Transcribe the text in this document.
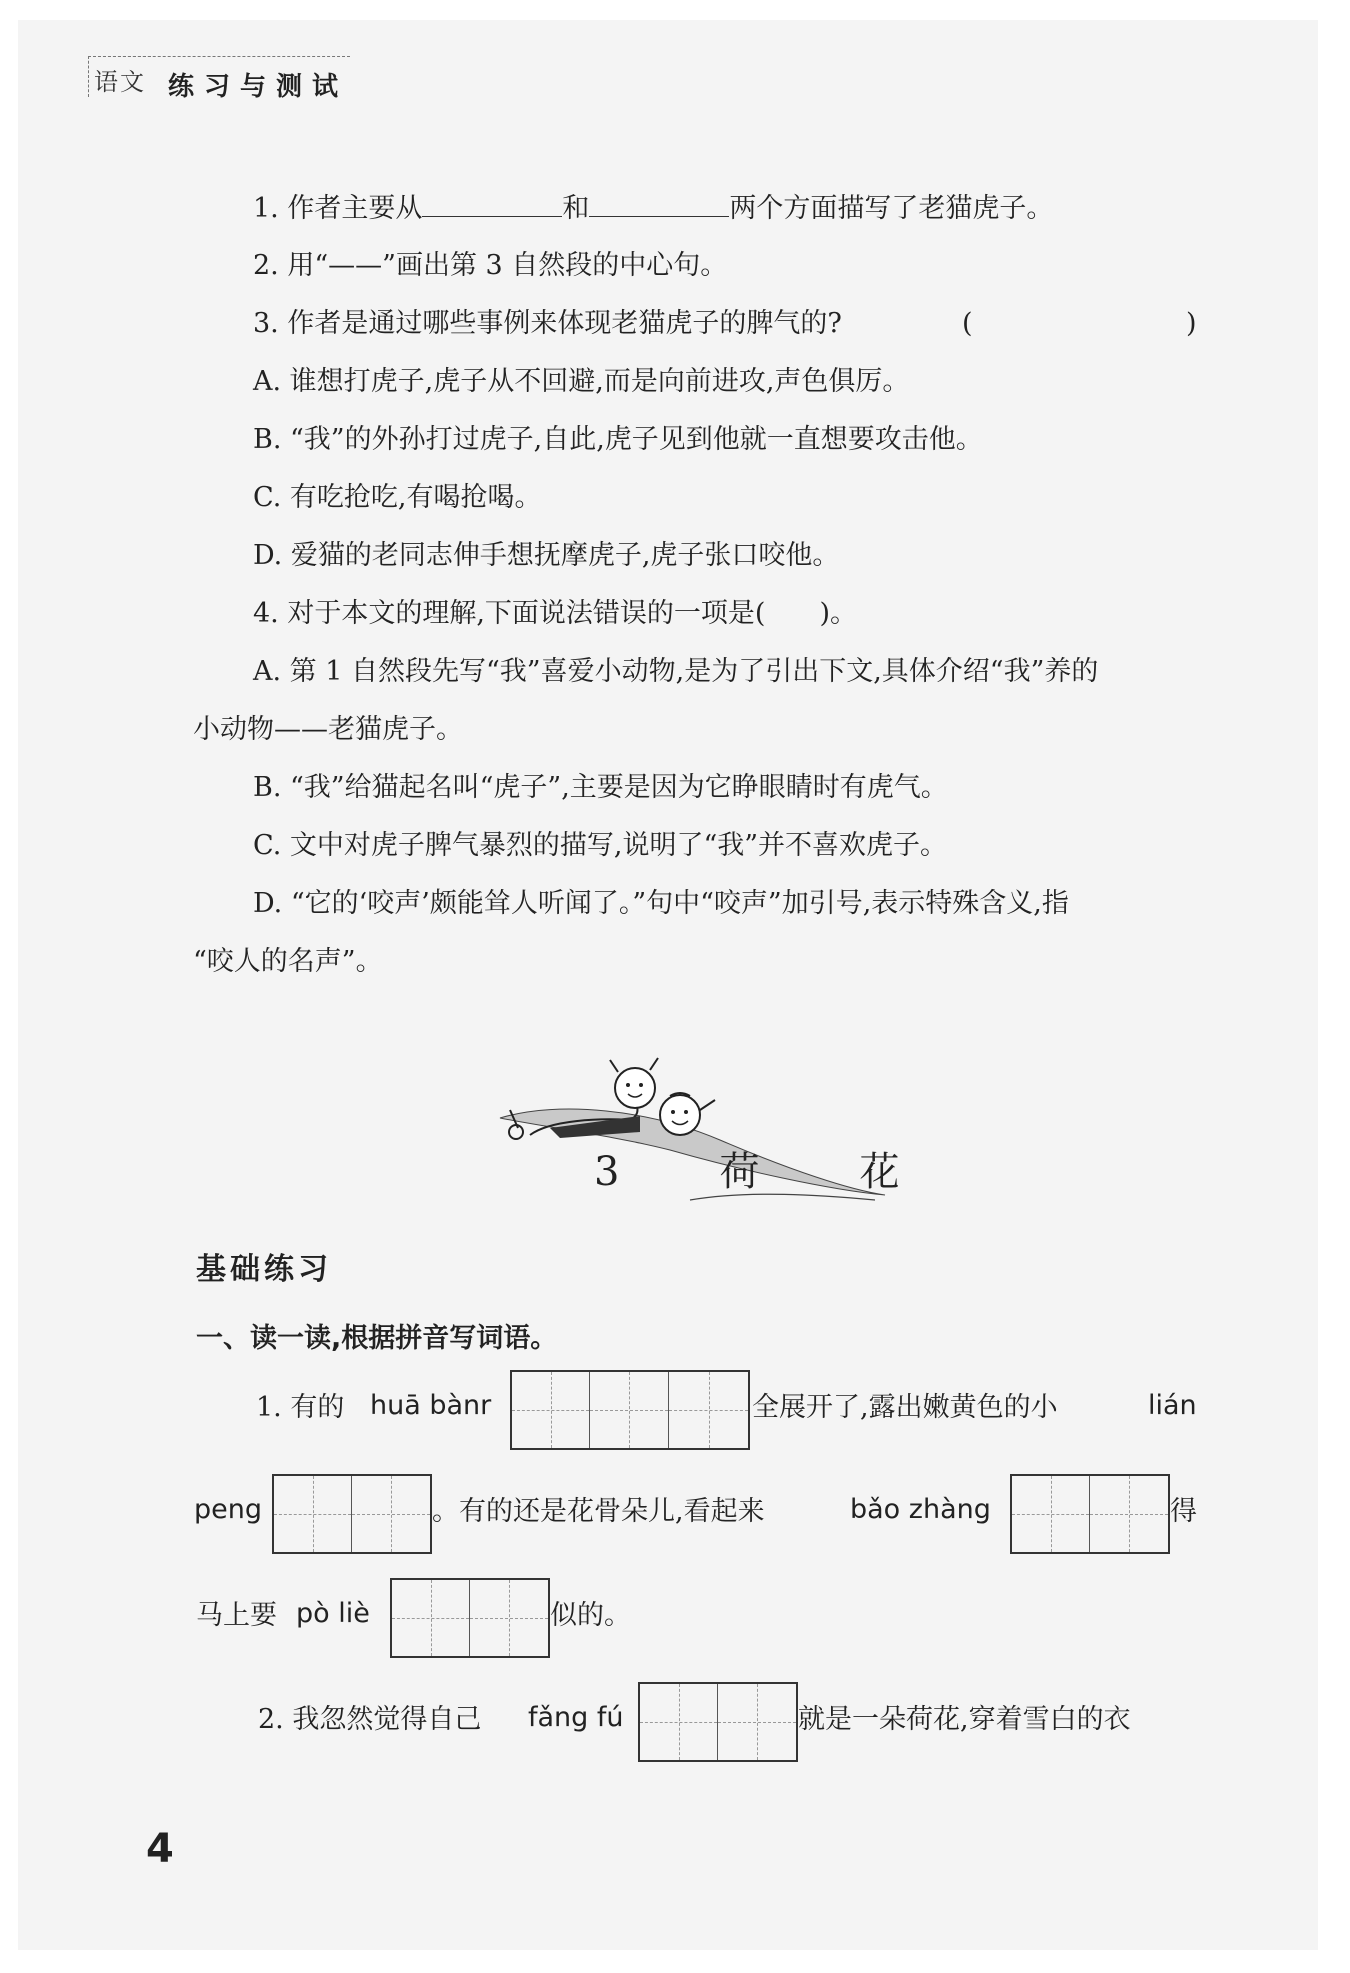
语文 练习与测试
1. 作者主要从	和	两个方面描写了老猫虎子。
2. 用“——”画出第 3 自然段的中心句。
3. 作者是通过哪些事例来体现老猫虎子的脾气的?	(	)
A. 谁想打虎子,虎子从不回避,而是向前进攻,声色俱厉。
B. “我”的外孙打过虎子,自此,虎子见到他就一直想要攻击他。
C. 有吃抢吃,有喝抢喝。
D. 爱猫的老同志伸手想抚摩虎子,虎子张口咬他。
4. 对于本文的理解,下面说法错误的一项是(　　)。
A. 第 1 自然段先写“我”喜爱小动物,是为了引出下文,具体介绍“我”养的
小动物——老猫虎子。
B. “我”给猫起名叫“虎子”,主要是因为它睁眼睛时有虎气。
C. 文中对虎子脾气暴烈的描写,说明了“我”并不喜欢虎子。
D. “它的‘咬声’颇能耸人听闻了。”句中“咬声”加引号,表示特殊含义,指
“咬人的名声”。
3　 荷　花
基础练习
一、读一读,根据拼音写词语。
1. 有的 huā bànr	全展开了,露出嫩黄色的小	lián
peng	。有的还是花骨朵儿,看起来	bǎo zhàng	得
马上要 pò liè	似的。
2. 我忽然觉得自己 fǎng fú	就是一朵荷花,穿着雪白的衣
4
